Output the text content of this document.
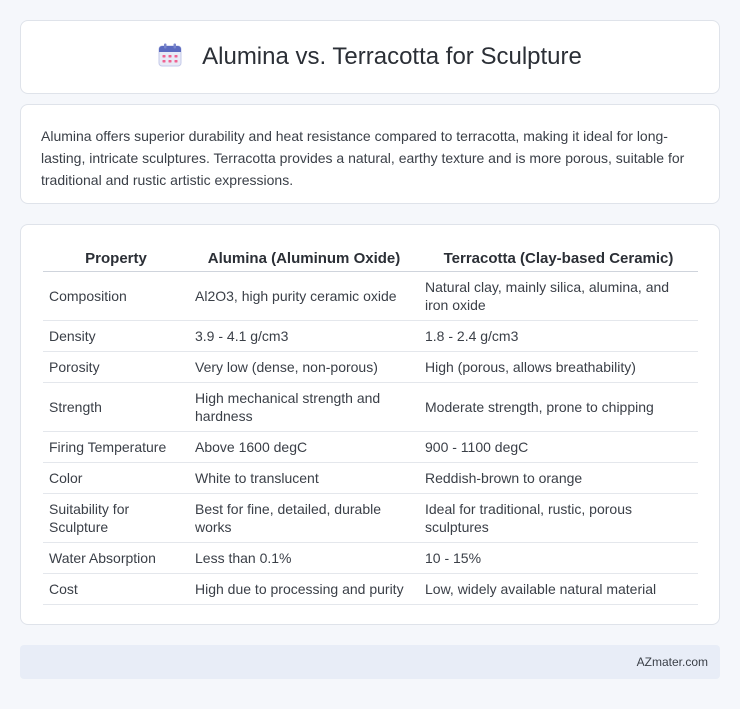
Alumina vs. Terracotta for Sculpture

Alumina offers superior durability and heat resistance compared to terracotta, making it ideal for long-lasting, intricate sculptures. Terracotta provides a natural, earthy texture and is more porous, suitable for traditional and rustic artistic expressions.

Property	Alumina (Aluminum Oxide)	Terracotta (Clay-based Ceramic)
Composition	Al2O3, high purity ceramic oxide	Natural clay, mainly silica, alumina, and iron oxide
Density	3.9 - 4.1 g/cm3	1.8 - 2.4 g/cm3
Porosity	Very low (dense, non-porous)	High (porous, allows breathability)
Strength	High mechanical strength and hardness	Moderate strength, prone to chipping
Firing Temperature	Above 1600 degC	900 - 1100 degC
Color	White to translucent	Reddish-brown to orange
Suitability for Sculpture	Best for fine, detailed, durable works	Ideal for traditional, rustic, porous sculptures
Water Absorption	Less than 0.1%	10 - 15%
Cost	High due to processing and purity	Low, widely available natural material
AZmater.com
